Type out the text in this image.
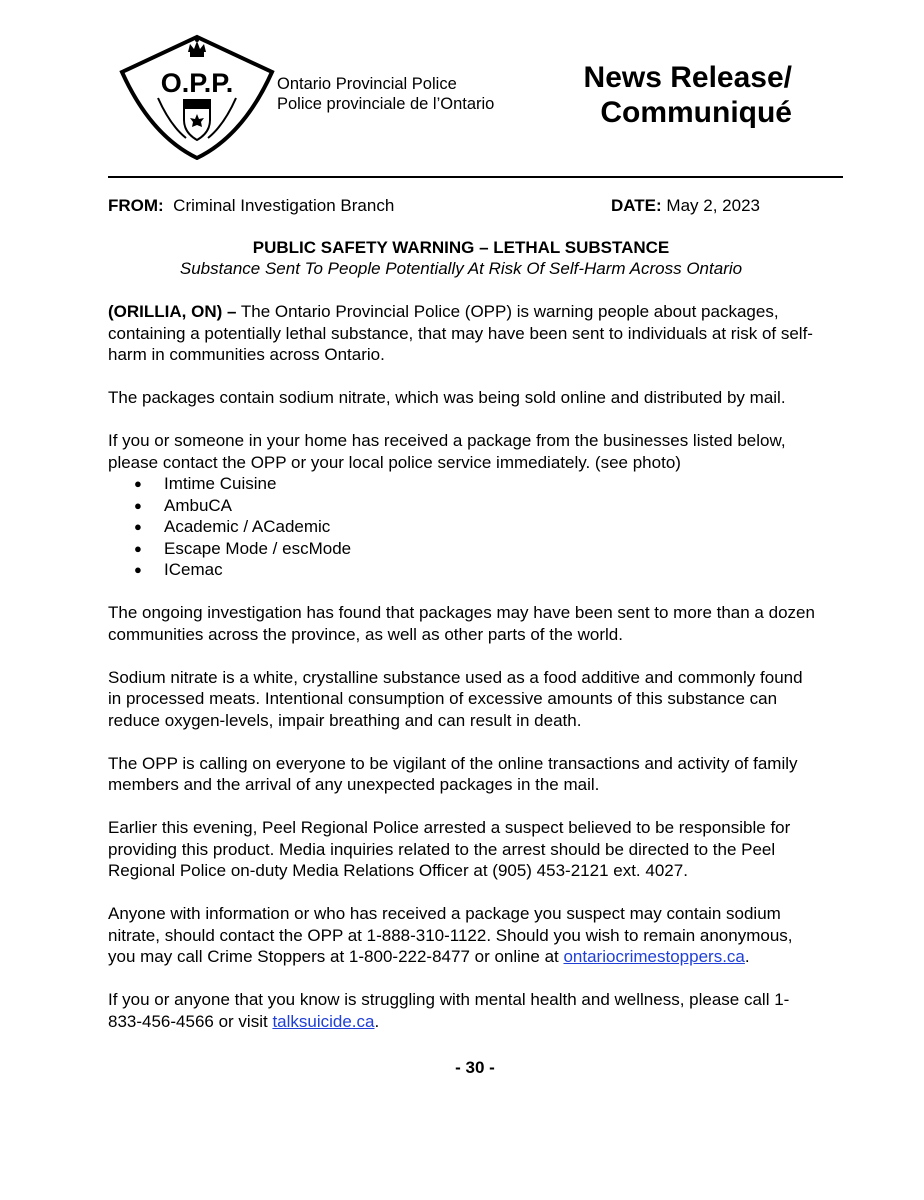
O.P.P.	Ontario Provincial Police
Police provinciale de l’Ontario
News Release/
Communiqué
FROM: Criminal Investigation Branch	DATE: May 2, 2023
PUBLIC SAFETY WARNING – LETHAL SUBSTANCE
Substance Sent To People Potentially At Risk Of Self-Harm Across Ontario

(ORILLIA, ON) – The Ontario Provincial Police (OPP) is warning people about packages, containing a potentially lethal substance, that may have been sent to individuals at risk of self-harm in communities across Ontario.

The packages contain sodium nitrate, which was being sold online and distributed by mail.

If you or someone in your home has received a package from the businesses listed below, please contact the OPP or your local police service immediately. (see photo)

● Imtime Cuisine
● AmbuCA
● Academic / ACademic
● Escape Mode / escMode
● ICemac

The ongoing investigation has found that packages may have been sent to more than a dozen communities across the province, as well as other parts of the world.

Sodium nitrate is a white, crystalline substance used as a food additive and commonly found in processed meats. Intentional consumption of excessive amounts of this substance can reduce oxygen-levels, impair breathing and can result in death.

The OPP is calling on everyone to be vigilant of the online transactions and activity of family members and the arrival of any unexpected packages in the mail.

Earlier this evening, Peel Regional Police arrested a suspect believed to be responsible for providing this product. Media inquiries related to the arrest should be directed to the Peel Regional Police on-duty Media Relations Officer at (905) 453-2121 ext. 4027.

Anyone with information or who has received a package you suspect may contain sodium nitrate, should contact the OPP at 1-888-310-1122. Should you wish to remain anonymous, you may call Crime Stoppers at 1-800-222-8477 or online at ontariocrimestoppers.ca.

If you or anyone that you know is struggling with mental health and wellness, please call 1-833-456-4566 or visit talksuicide.ca.

- 30 -
